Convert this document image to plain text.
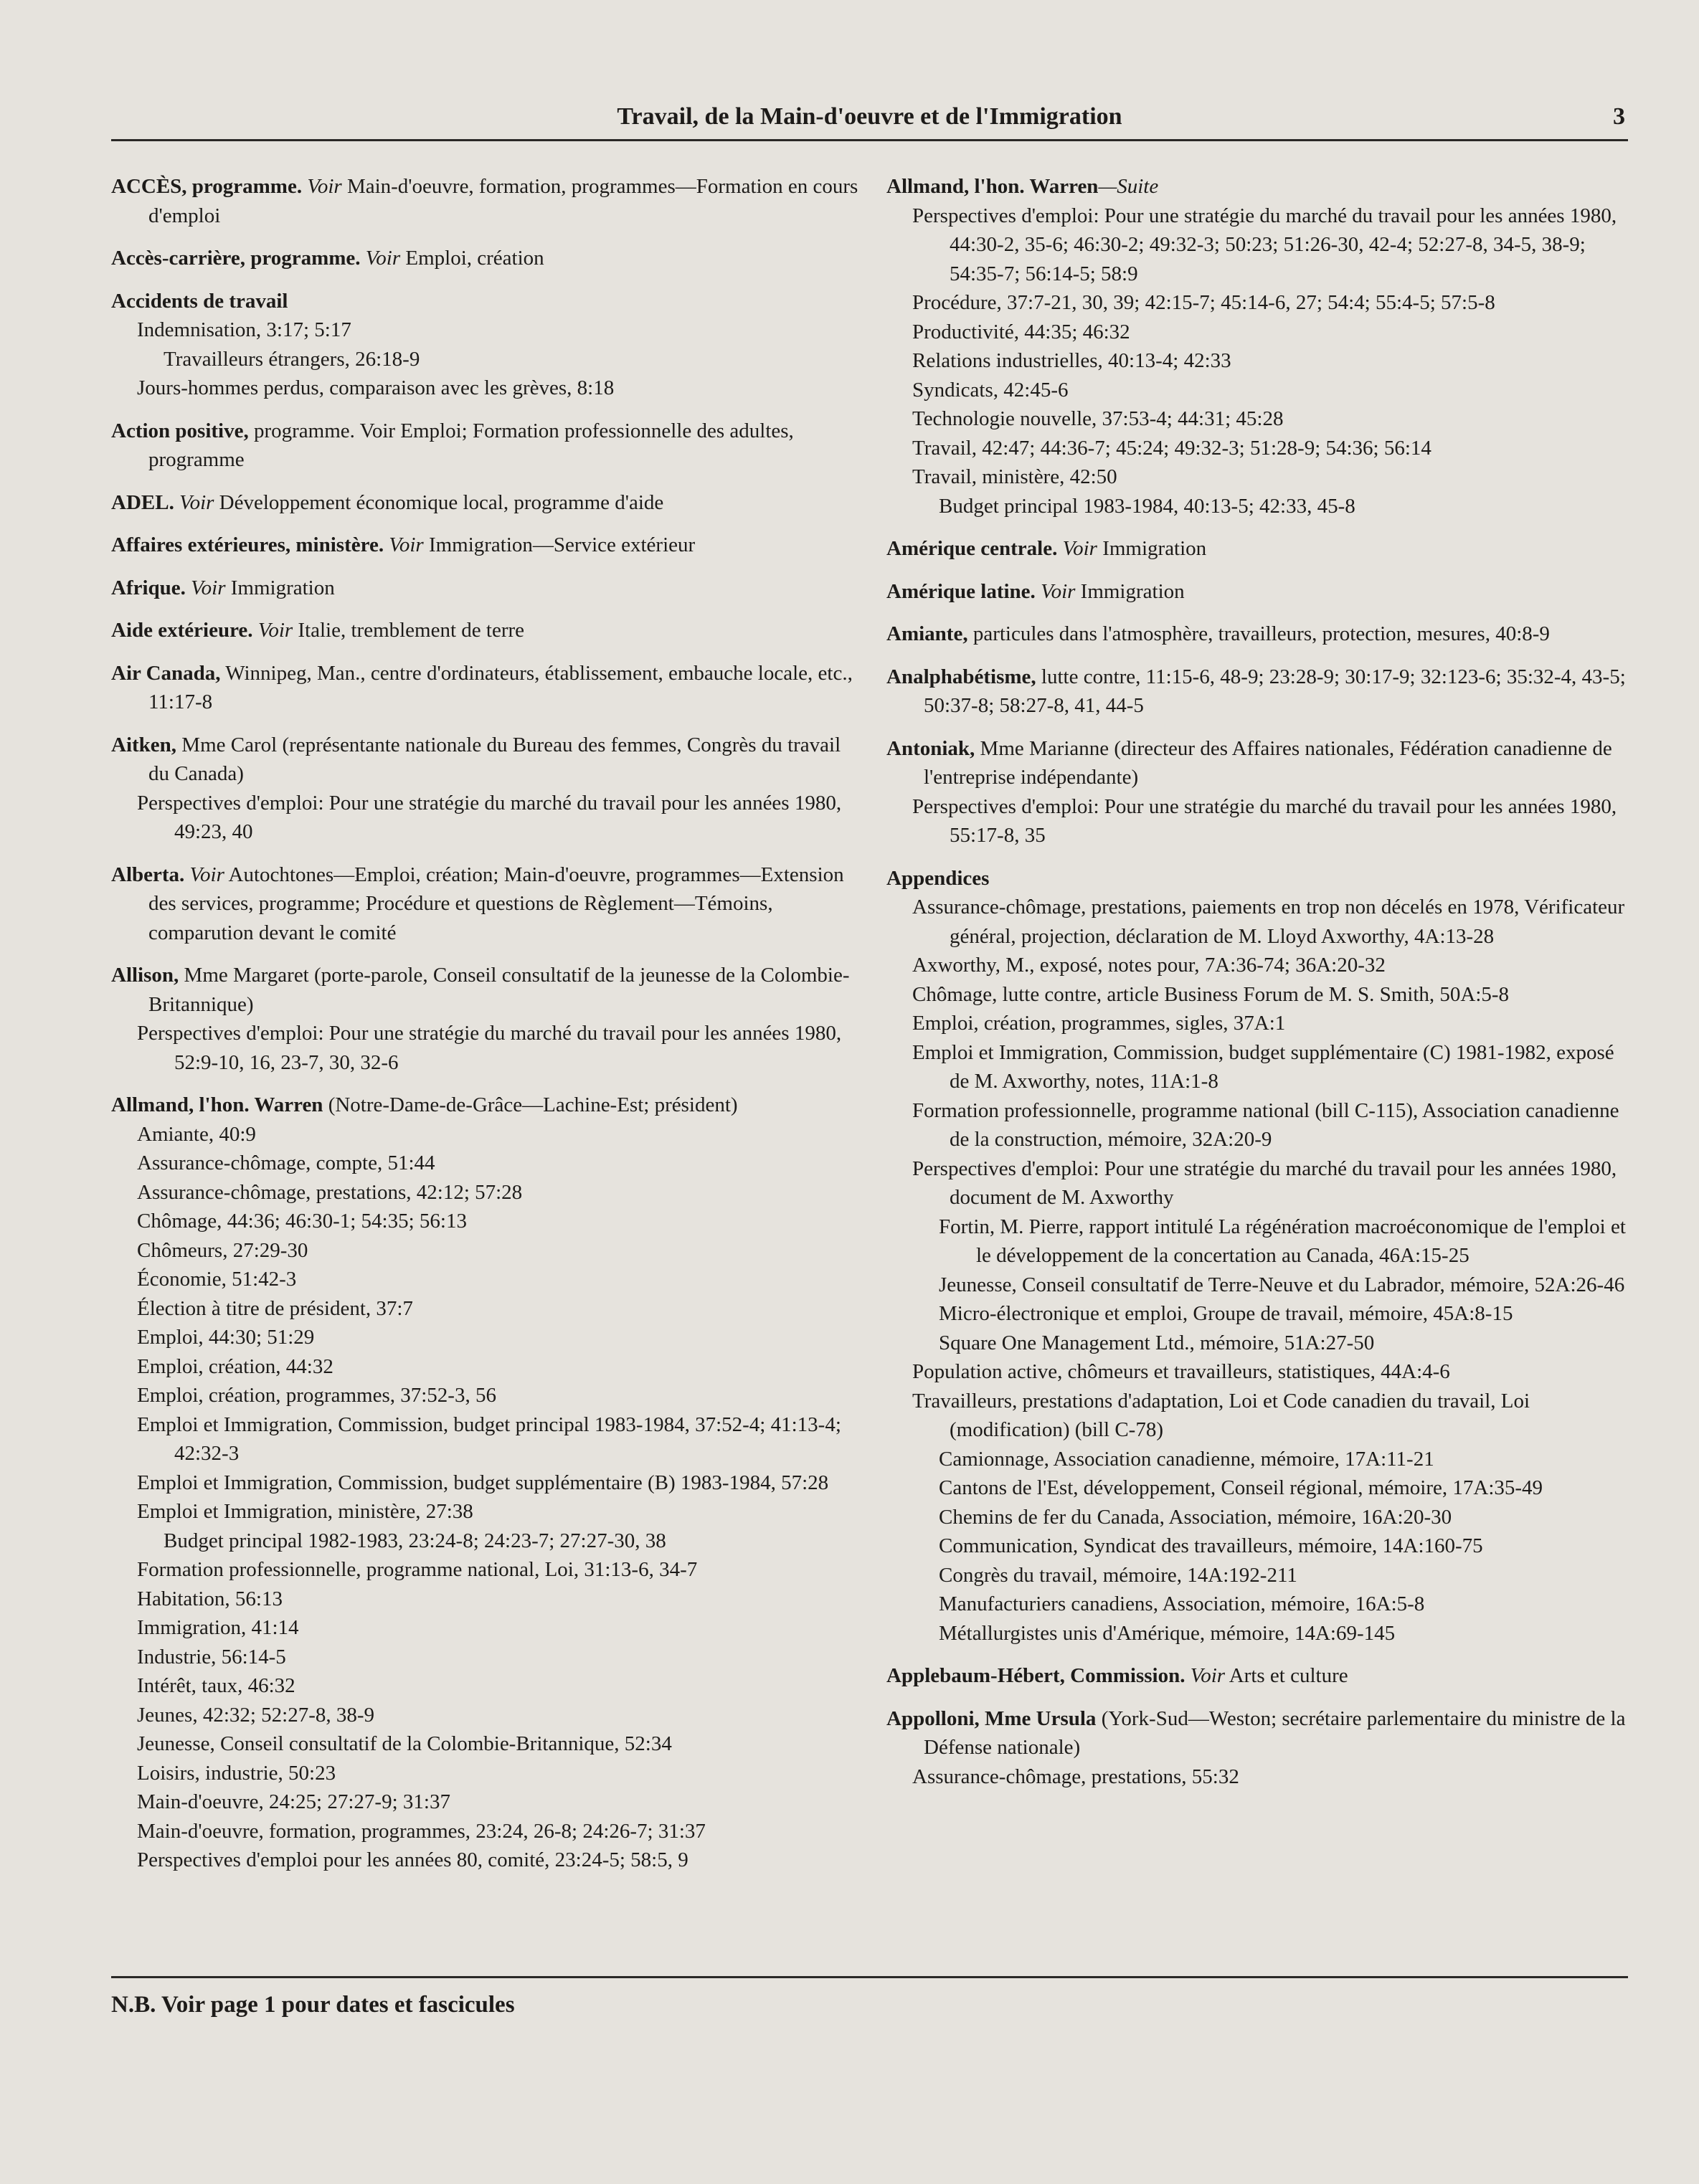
Travail, de la Main-d'oeuvre et de l'Immigration	3
ACCÈS, programme. Voir Main-d'oeuvre, formation, programmes—Formation en cours d'emploi
Accès-carrière, programme. Voir Emploi, création
Accidents de travail
Indemnisation, 3:17; 5:17
Travailleurs étrangers, 26:18-9
Jours-hommes perdus, comparaison avec les grèves, 8:18
Action positive, programme. Voir Emploi; Formation professionnelle des adultes, programme
ADEL. Voir Développement économique local, programme d'aide
Affaires extérieures, ministère. Voir Immigration—Service extérieur
Afrique. Voir Immigration
Aide extérieure. Voir Italie, tremblement de terre
Air Canada, Winnipeg, Man., centre d'ordinateurs, établissement, embauche locale, etc., 11:17-8
Aitken, Mme Carol (représentante nationale du Bureau des femmes, Congrès du travail du Canada)
Perspectives d'emploi: Pour une stratégie du marché du travail pour les années 1980, 49:23, 40
Alberta. Voir Autochtones—Emploi, création; Main-d'oeuvre, programmes—Extension des services, programme; Procédure et questions de Règlement—Témoins, comparution devant le comité
Allison, Mme Margaret (porte-parole, Conseil consultatif de la jeunesse de la Colombie-Britannique)
Perspectives d'emploi: Pour une stratégie du marché du travail pour les années 1980, 52:9-10, 16, 23-7, 30, 32-6
Allmand, l'hon. Warren (Notre-Dame-de-Grâce—Lachine-Est; président)
Amiante, 40:9
Assurance-chômage, compte, 51:44
Assurance-chômage, prestations, 42:12; 57:28
Chômage, 44:36; 46:30-1; 54:35; 56:13
Chômeurs, 27:29-30
Économie, 51:42-3
Élection à titre de président, 37:7
Emploi, 44:30; 51:29
Emploi, création, 44:32
Emploi, création, programmes, 37:52-3, 56
Emploi et Immigration, Commission, budget principal 1983-1984, 37:52-4; 41:13-4; 42:32-3
Emploi et Immigration, Commission, budget supplémentaire (B) 1983-1984, 57:28
Emploi et Immigration, ministère, 27:38
Budget principal 1982-1983, 23:24-8; 24:23-7; 27:27-30, 38
Formation professionnelle, programme national, Loi, 31:13-6, 34-7
Habitation, 56:13
Immigration, 41:14
Industrie, 56:14-5
Intérêt, taux, 46:32
Jeunes, 42:32; 52:27-8, 38-9
Jeunesse, Conseil consultatif de la Colombie-Britannique, 52:34
Loisirs, industrie, 50:23
Main-d'oeuvre, 24:25; 27:27-9; 31:37
Main-d'oeuvre, formation, programmes, 23:24, 26-8; 24:26-7; 31:37
Perspectives d'emploi pour les années 80, comité, 23:24-5; 58:5, 9
Allmand, l'hon. Warren—Suite
Perspectives d'emploi: Pour une stratégie du marché du travail pour les années 1980, 44:30-2, 35-6; 46:30-2; 49:32-3; 50:23; 51:26-30, 42-4; 52:27-8, 34-5, 38-9; 54:35-7; 56:14-5; 58:9
Procédure, 37:7-21, 30, 39; 42:15-7; 45:14-6, 27; 54:4; 55:4-5; 57:5-8
Productivité, 44:35; 46:32
Relations industrielles, 40:13-4; 42:33
Syndicats, 42:45-6
Technologie nouvelle, 37:53-4; 44:31; 45:28
Travail, 42:47; 44:36-7; 45:24; 49:32-3; 51:28-9; 54:36; 56:14
Travail, ministère, 42:50
Budget principal 1983-1984, 40:13-5; 42:33, 45-8
Amérique centrale. Voir Immigration
Amérique latine. Voir Immigration
Amiante, particules dans l'atmosphère, travailleurs, protection, mesures, 40:8-9
Analphabétisme, lutte contre, 11:15-6, 48-9; 23:28-9; 30:17-9; 32:123-6; 35:32-4, 43-5; 50:37-8; 58:27-8, 41, 44-5
Antoniak, Mme Marianne (directeur des Affaires nationales, Fédération canadienne de l'entreprise indépendante)
Perspectives d'emploi: Pour une stratégie du marché du travail pour les années 1980, 55:17-8, 35
Appendices
Assurance-chômage, prestations, paiements en trop non décelés en 1978, Vérificateur général, projection, déclaration de M. Lloyd Axworthy, 4A:13-28
Axworthy, M., exposé, notes pour, 7A:36-74; 36A:20-32
Chômage, lutte contre, article Business Forum de M. S. Smith, 50A:5-8
Emploi, création, programmes, sigles, 37A:1
Emploi et Immigration, Commission, budget supplémentaire (C) 1981-1982, exposé de M. Axworthy, notes, 11A:1-8
Formation professionnelle, programme national (bill C-115), Association canadienne de la construction, mémoire, 32A:20-9
Perspectives d'emploi: Pour une stratégie du marché du travail pour les années 1980, document de M. Axworthy
Fortin, M. Pierre, rapport intitulé La régénération macroéconomique de l'emploi et le développement de la concertation au Canada, 46A:15-25
Jeunesse, Conseil consultatif de Terre-Neuve et du Labrador, mémoire, 52A:26-46
Micro-électronique et emploi, Groupe de travail, mémoire, 45A:8-15
Square One Management Ltd., mémoire, 51A:27-50
Population active, chômeurs et travailleurs, statistiques, 44A:4-6
Travailleurs, prestations d'adaptation, Loi et Code canadien du travail, Loi (modification) (bill C-78)
Camionnage, Association canadienne, mémoire, 17A:11-21
Cantons de l'Est, développement, Conseil régional, mémoire, 17A:35-49
Chemins de fer du Canada, Association, mémoire, 16A:20-30
Communication, Syndicat des travailleurs, mémoire, 14A:160-75
Congrès du travail, mémoire, 14A:192-211
Manufacturiers canadiens, Association, mémoire, 16A:5-8
Métallurgistes unis d'Amérique, mémoire, 14A:69-145
Applebaum-Hébert, Commission. Voir Arts et culture
Appolloni, Mme Ursula (York-Sud—Weston; secrétaire parlementaire du ministre de la Défense nationale)
Assurance-chômage, prestations, 55:32
N.B. Voir page 1 pour dates et fascicules
